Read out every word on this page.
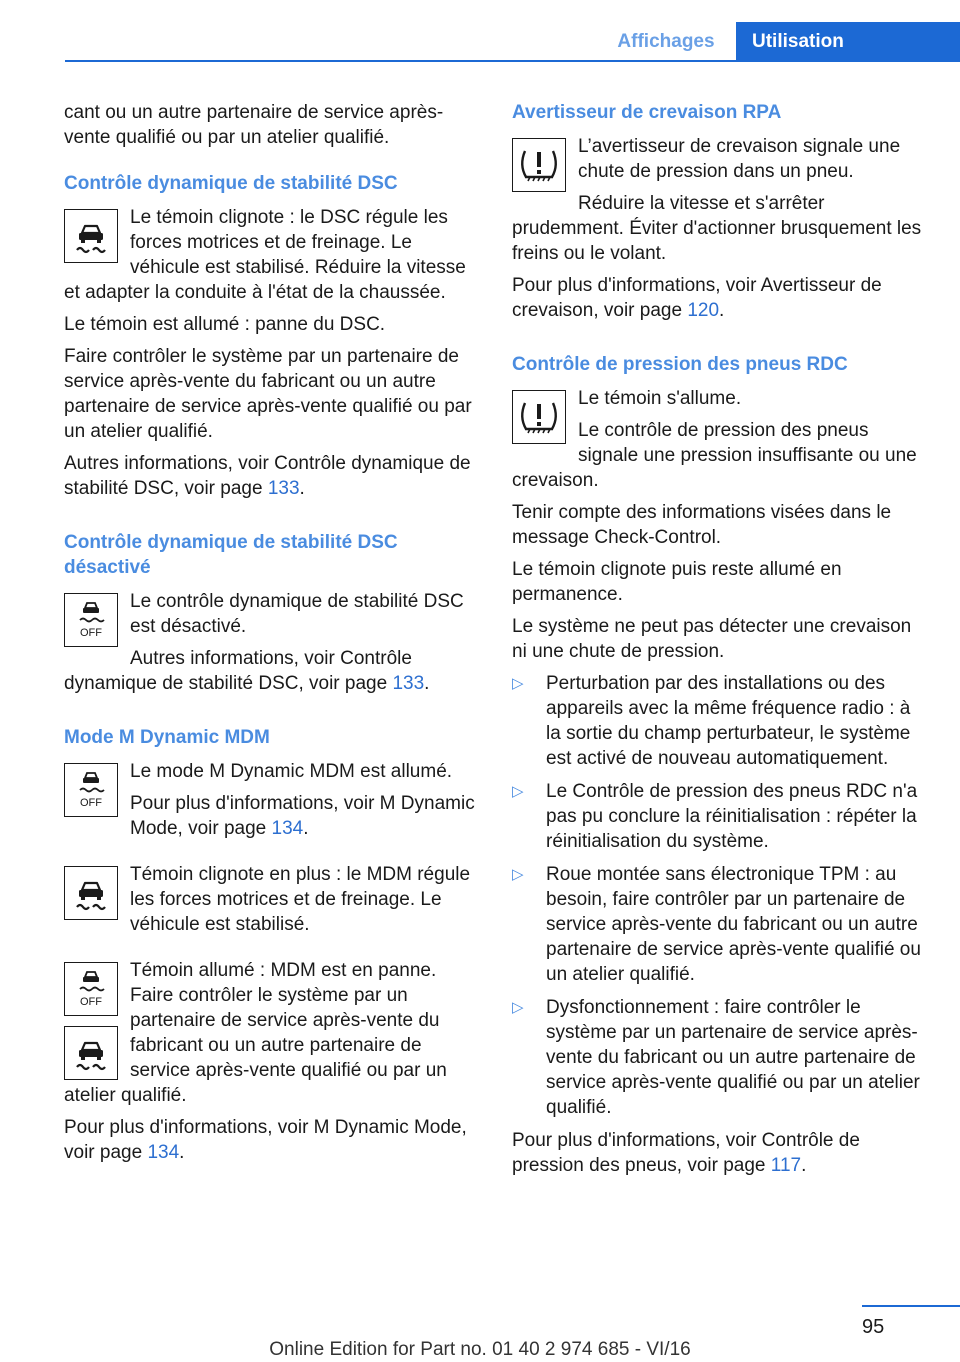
Affichages	Utilisation

cant ou un autre partenaire de service après-vente qualifié ou par un atelier qualifié.

Contrôle dynamique de stabilité DSC

Le témoin clignote : le DSC régule les forces motrices et de freinage. Le véhicule est stabilisé. Réduire la vitesse et adapter la conduite à l'état de la chaussée.

Le témoin est allumé : panne du DSC.

Faire contrôler le système par un partenaire de service après-vente du fabricant ou un autre partenaire de service après-vente qualifié ou par un atelier qualifié.

Autres informations, voir Contrôle dynamique de stabilité DSC, voir page 133.

Contrôle dynamique de stabilité DSC désactivé
OFF

Le contrôle dynamique de stabilité DSC est désactivé.

Autres informations, voir Contrôle dynamique de stabilité DSC, voir page 133.

Mode M Dynamic MDM
OFF

Le mode M Dynamic MDM est allumé.

Pour plus d'informations, voir M Dynamic Mode, voir page 134.

Témoin clignote en plus : le MDM régule les forces motrices et de freinage. Le véhicule est stabilisé.

OFF

Témoin allumé : MDM est en panne. Faire contrôler le système par un partenaire de service après-vente du fabricant ou un autre partenaire de service après-vente qualifié ou par un atelier qualifié.

Pour plus d'informations, voir M Dynamic Mode, voir page 134.

Avertisseur de crevaison RPA

L’avertisseur de crevaison signale une chute de pression dans un pneu.

Réduire la vitesse et s'arrêter prudemment. Éviter d'actionner brusquement les freins ou le volant.

Pour plus d'informations, voir Avertisseur de crevaison, voir page 120.

Contrôle de pression des pneus RDC

Le témoin s'allume.

Le contrôle de pression des pneus signale une pression insuffisante ou une crevaison.

Tenir compte des informations visées dans le message Check-Control.

Le témoin clignote puis reste allumé en permanence.

Le système ne peut pas détecter une crevaison ni une chute de pression.

▷ Perturbation par des installations ou des appareils avec la même fréquence radio : à la sortie du champ perturbateur, le système est activé de nouveau automatiquement.
▷ Le Contrôle de pression des pneus RDC n'a pas pu conclure la réinitialisation : répéter la réinitialisation du système.
▷ Roue montée sans électronique TPM : au besoin, faire contrôler par un partenaire de service après-vente du fabricant ou un autre partenaire de service après-vente qualifié ou un atelier qualifié.
▷ Dysfonctionnement : faire contrôler le système par un partenaire de service après-vente du fabricant ou un autre partenaire de service après-vente qualifié ou par un atelier qualifié.

Pour plus d'informations, voir Contrôle de pression des pneus, voir page 117.

95
Online Edition for Part no. 01 40 2 974 685 - VI/16
